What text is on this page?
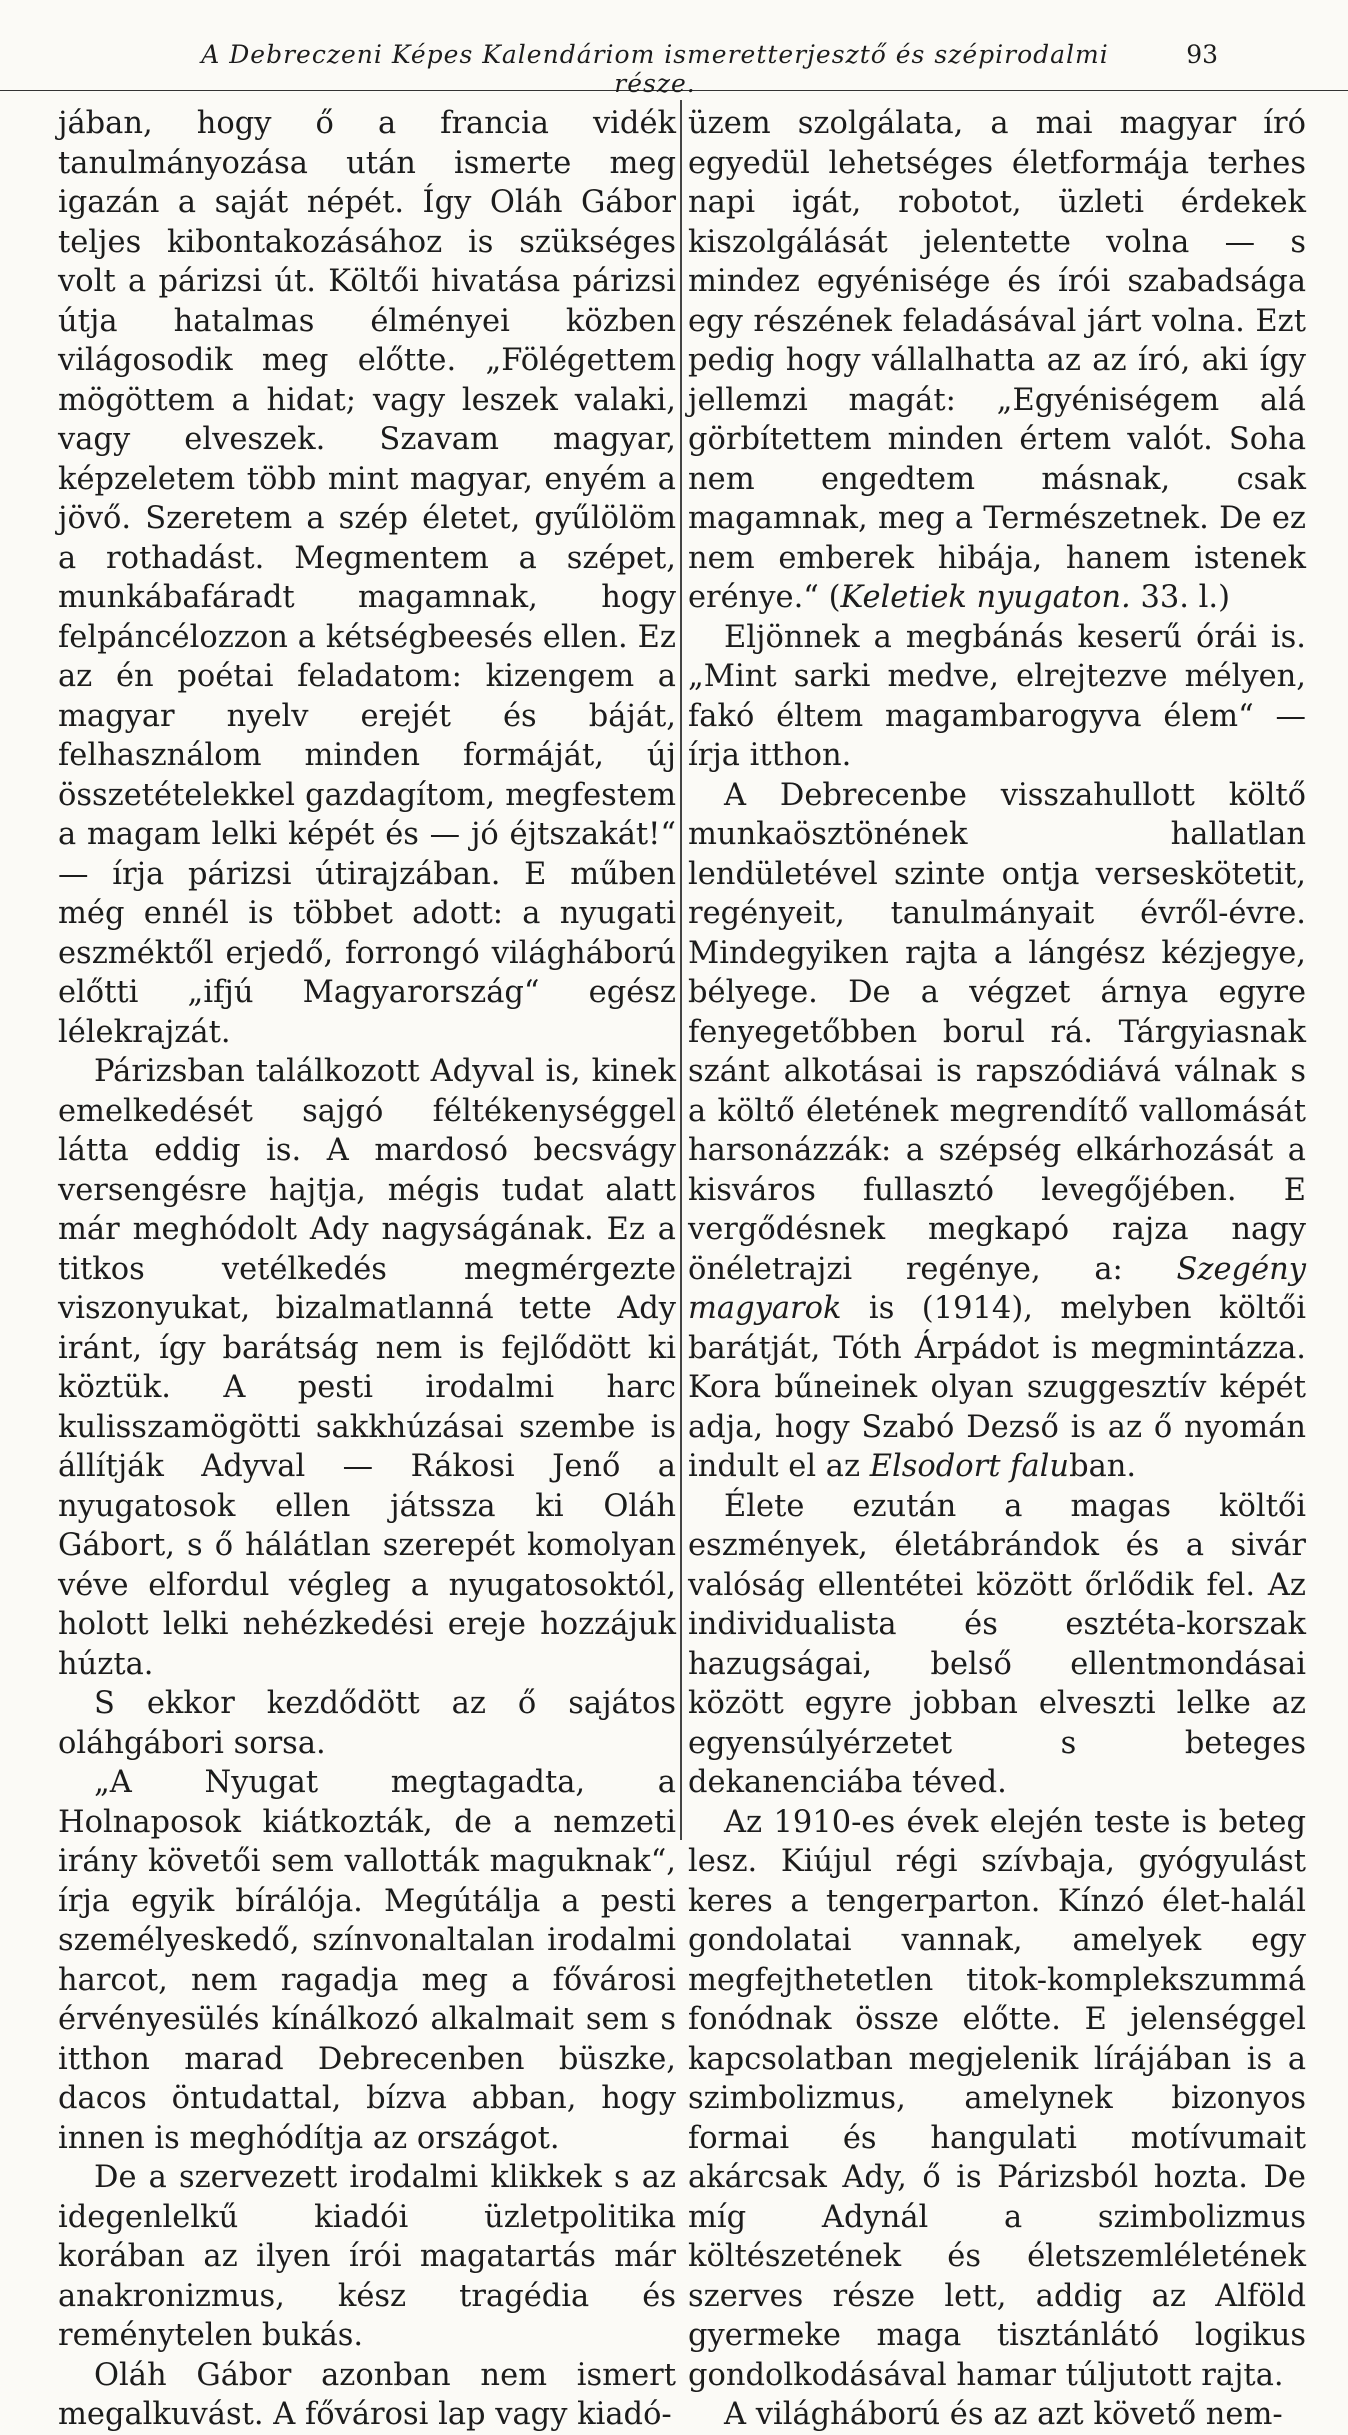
A Debreczeni Képes Kalendáriom ismeretterjesztő és szépirodalmi része.
93

jában, hogy ő a francia vidék tanulmányozása után ismerte meg igazán a saját népét. Így Oláh Gábor teljes kibontakozásához is szükséges volt a párizsi út. Költői hivatása párizsi útja hatalmas élményei közben világosodik meg előtte. „Fölégettem mögöttem a hidat; vagy leszek valaki, vagy elveszek. Szavam magyar, képzeletem több mint magyar, enyém a jövő. Szeretem a szép életet, gyűlölöm a rothadást. Megmentem a szépet, munkábafáradt magamnak, hogy felpáncélozzon a kétségbeesés ellen. Ez az én poétai feladatom: kizengem a magyar nyelv erejét és báját, felhasználom minden formáját, új összetételekkel gazdagítom, megfestem a magam lelki képét és — jó éjtszakát!“ — írja párizsi útirajzában. E műben még ennél is többet adott: a nyugati eszméktől erjedő, forrongó világháború előtti „ifjú Magyarország“ egész lélekrajzát.

Párizsban találkozott Adyval is, kinek emelkedését sajgó féltékenységgel látta eddig is. A mardosó becsvágy versengésre hajtja, mégis tudat alatt már meghódolt Ady nagyságának. Ez a titkos vetélkedés megmérgezte viszonyukat, bizalmatlanná tette Ady iránt, így barátság nem is fejlődött ki köztük. A pesti irodalmi harc kulisszamögötti sakkhúzásai szembe is állítják Adyval — Rákosi Jenő a nyugatosok ellen játssza ki Oláh Gábort, s ő hálátlan szerepét komolyan véve elfordul végleg a nyugatosoktól, holott lelki nehézkedési ereje hozzájuk húzta.

S ekkor kezdődött az ő sajátos oláhgábori sorsa.

„A Nyugat megtagadta, a Holnaposok kiátkozták, de a nemzeti irány követői sem vallották maguknak“, írja egyik bírálója. Megútálja a pesti személyeskedő, színvonaltalan irodalmi harcot, nem ragadja meg a fővárosi érvényesülés kínálkozó alkalmait sem s itthon marad Debrecenben büszke, dacos öntudattal, bízva abban, hogy innen is meghódítja az országot.

De a szervezett irodalmi klikkek s az idegenlelkű kiadói üzletpolitika korában az ilyen írói magatartás már anakronizmus, kész tragédia és reménytelen bukás.

Oláh Gábor azonban nem ismert megalkuvást. A fővárosi lap vagy kiadó-

üzem szolgálata, a mai magyar író egyedül lehetséges életformája terhes napi igát, robotot, üzleti érdekek kiszolgálását jelentette volna — s mindez egyénisége és írói szabadsága egy részének feladásával járt volna. Ezt pedig hogy vállalhatta az az író, aki így jellemzi magát: „Egyéniségem alá görbítettem minden értem valót. Soha nem engedtem másnak, csak magamnak, meg a Természetnek. De ez nem emberek hibája, hanem istenek erénye.“ (Keletiek nyugaton. 33. l.)

Eljönnek a megbánás keserű órái is. „Mint sarki medve, elrejtezve mélyen, fakó éltem magambarogyva élem“ — írja itthon.

A Debrecenbe visszahullott költő munkaösztönének hallatlan lendületével szinte ontja verseskötetit, regényeit, tanulmányait évről-évre. Mindegyiken rajta a lángész kézjegye, bélyege. De a végzet árnya egyre fenyegetőbben borul rá. Tárgyiasnak szánt alkotásai is rapszódiává válnak s a költő életének megrendítő vallomását harsonázzák: a szépség elkárhozását a kisváros fullasztó levegőjében. E vergődésnek megkapó rajza nagy önéletrajzi regénye, a: Szegény magyarok is (1914), melyben költői barátját, Tóth Árpádot is megmintázza. Kora bűneinek olyan szuggesztív képét adja, hogy Szabó Dezső is az ő nyomán indult el az Elsodort faluban.

Élete ezután a magas költői eszmények, életábrándok és a sivár valóság ellentétei között őrlődik fel. Az individualista és esztéta-korszak hazugságai, belső ellentmondásai között egyre jobban elveszti lelke az egyensúlyérzetet s beteges dekanenciába téved.

Az 1910-es évek elején teste is beteg lesz. Kiújul régi szívbaja, gyógyulást keres a tengerparton. Kínzó élet-halál gondolatai vannak, amelyek egy megfejthetetlen titok-komplekszummá fonódnak össze előtte. E jelenséggel kapcsolatban megjelenik lírájában is a szimbolizmus, amelynek bizonyos formai és hangulati motívumait akárcsak Ady, ő is Párizsból hozta. De míg Adynál a szimbolizmus költészetének és életszemléletének szerves része lett, addig az Alföld gyermeke maga tisztánlátó logikus gondolkodásával hamar túljutott rajta.

A világháború és az azt követő nem-
